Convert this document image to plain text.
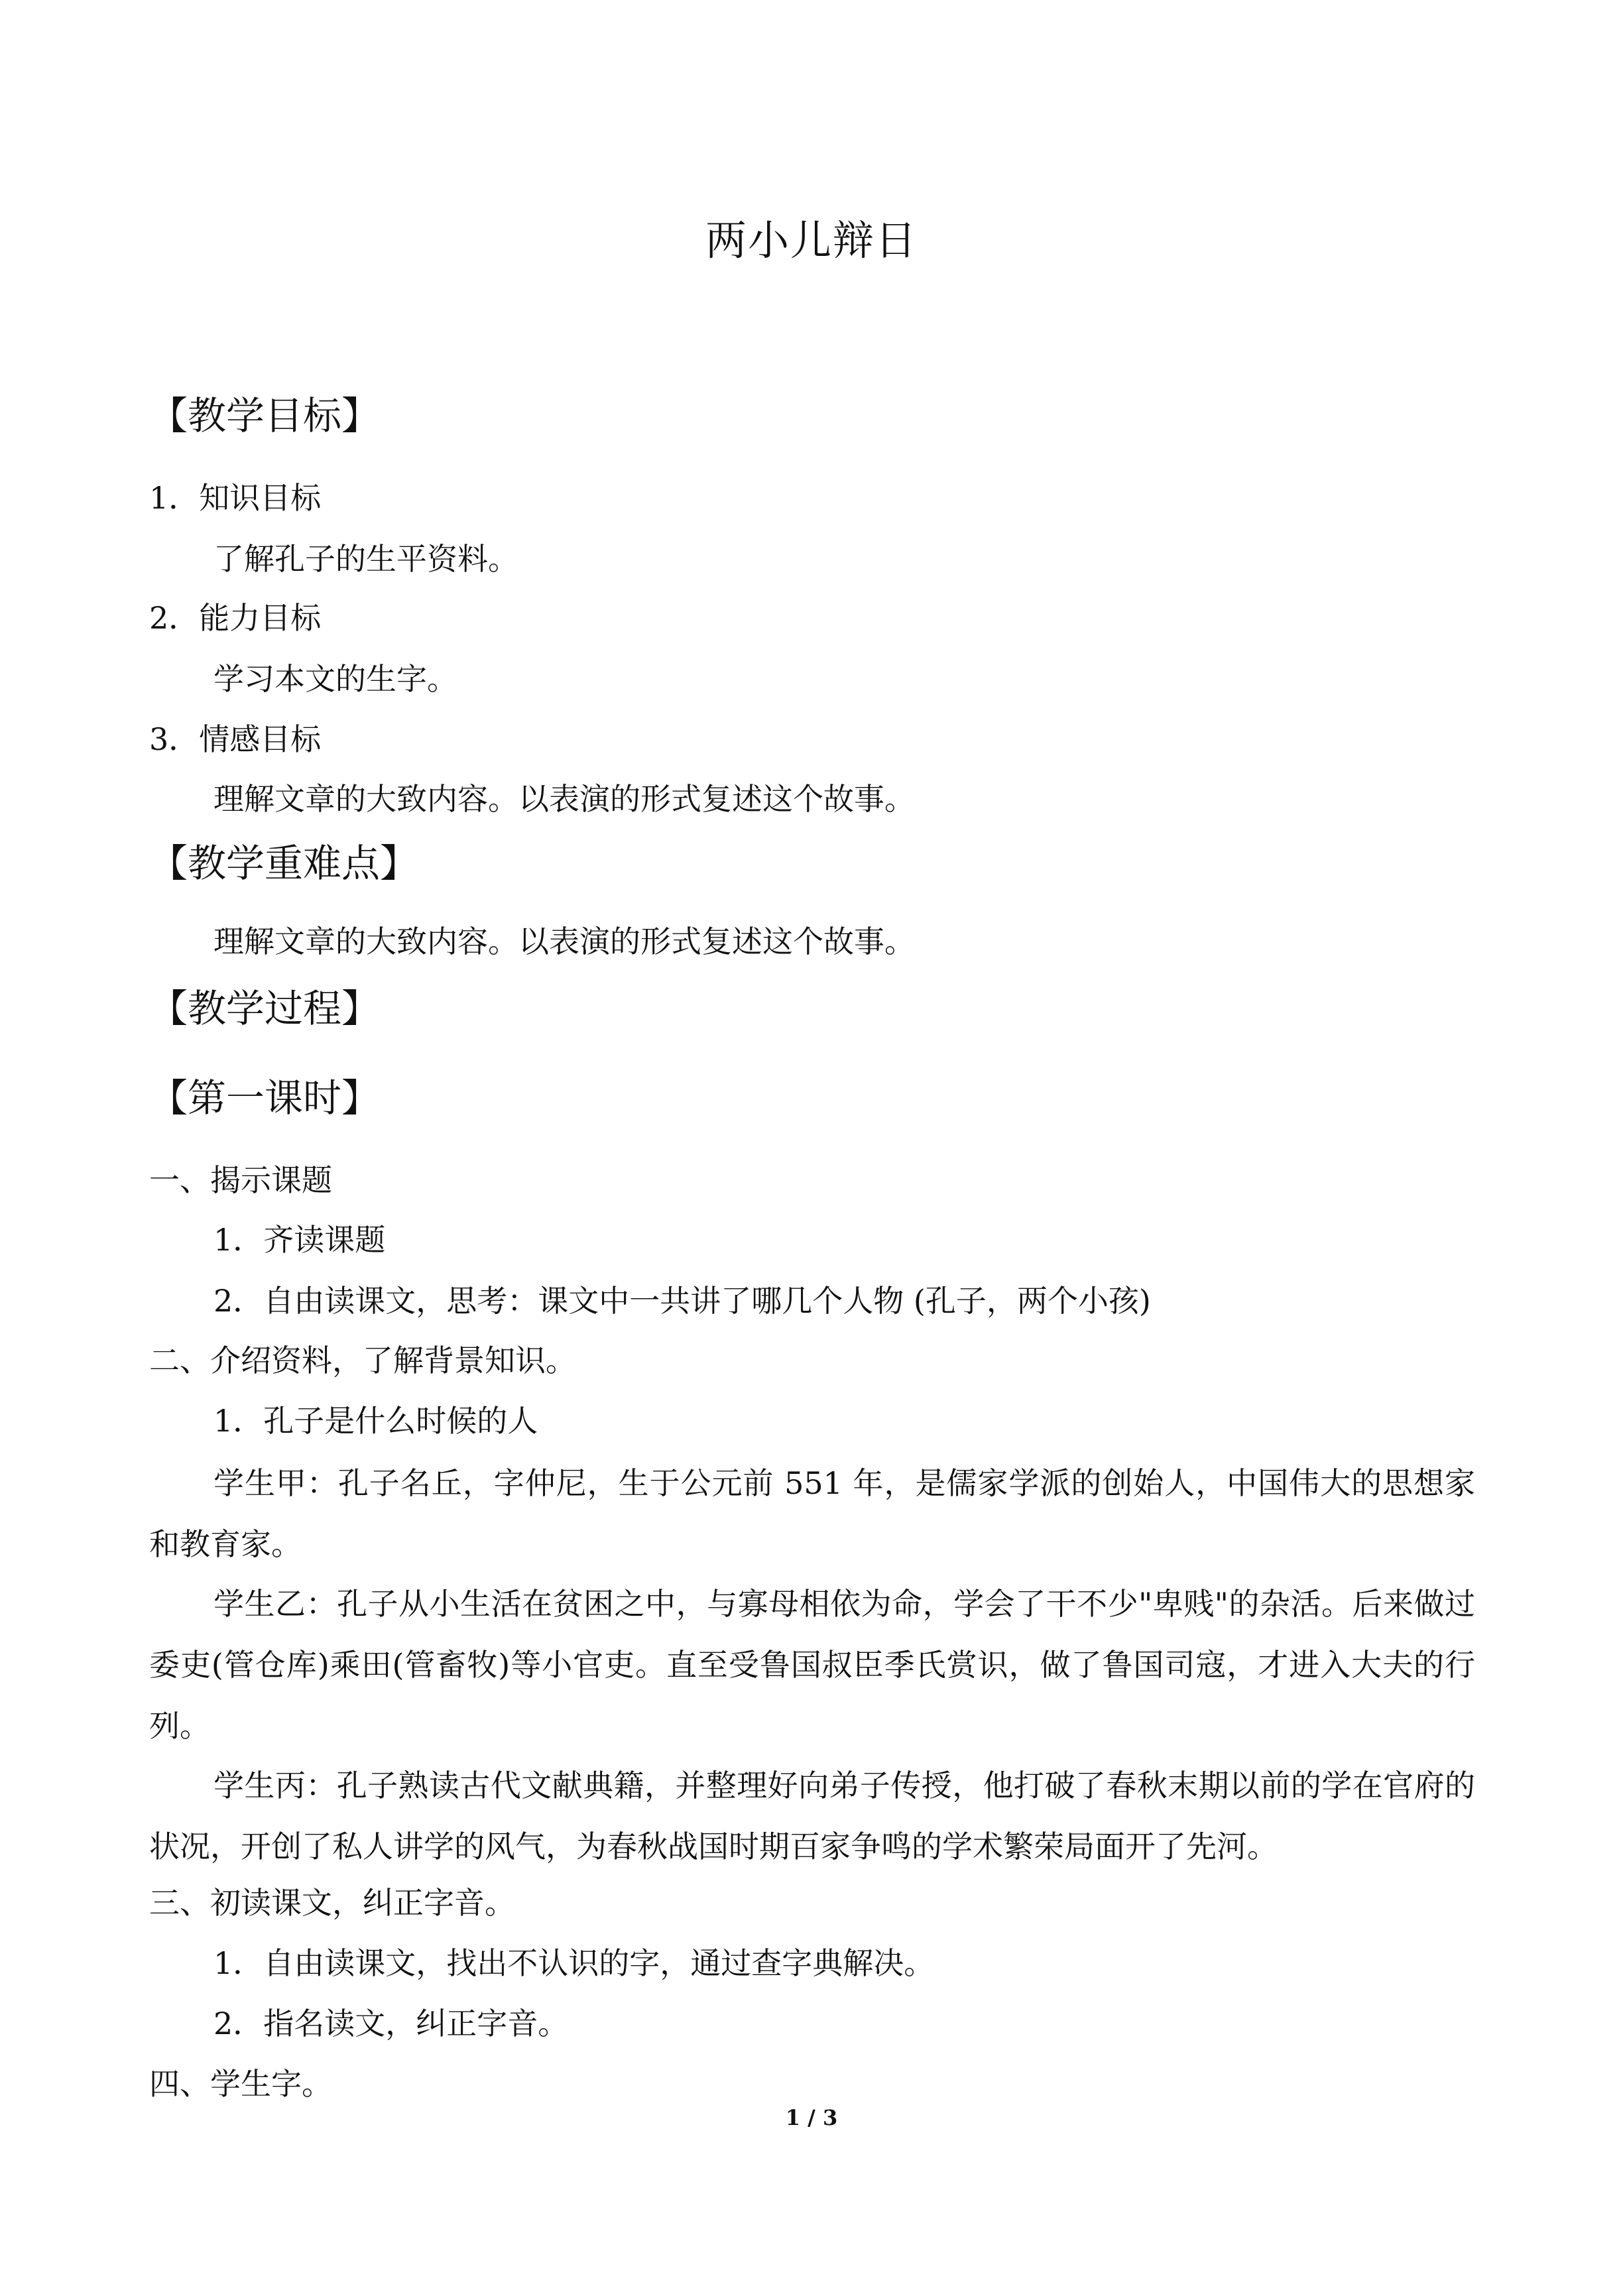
两小儿辩日
【教学目标】
1．知识目标
了解孔子的生平资料。
2．能力目标
学习本文的生字。
3．情感目标
理解文章的大致内容。以表演的形式复述这个故事。
【教学重难点】
理解文章的大致内容。以表演的形式复述这个故事。
【教学过程】
【第一课时】
一、揭示课题
1．齐读课题
2．自由读课文，思考：课文中一共讲了哪几个人物 (孔子，两个小孩)
二、介绍资料，了解背景知识。
1．孔子是什么时候的人
学生甲：孔子名丘，字仲尼，生于公元前 551 年，是儒家学派的创始人，中国伟大的思想家和教育家。
学生乙：孔子从小生活在贫困之中，与寡母相依为命，学会了干不少"卑贱"的杂活。后来做过委吏(管仓库)乘田(管畜牧)等小官吏。直至受鲁国叔臣季氏赏识，做了鲁国司寇，才进入大夫的行列。
学生丙：孔子熟读古代文献典籍，并整理好向弟子传授，他打破了春秋末期以前的学在官府的状况，开创了私人讲学的风气，为春秋战国时期百家争鸣的学术繁荣局面开了先河。
三、初读课文，纠正字音。
1．自由读课文，找出不认识的字，通过查字典解决。
2．指名读文，纠正字音。
四、学生字。
1 / 3
